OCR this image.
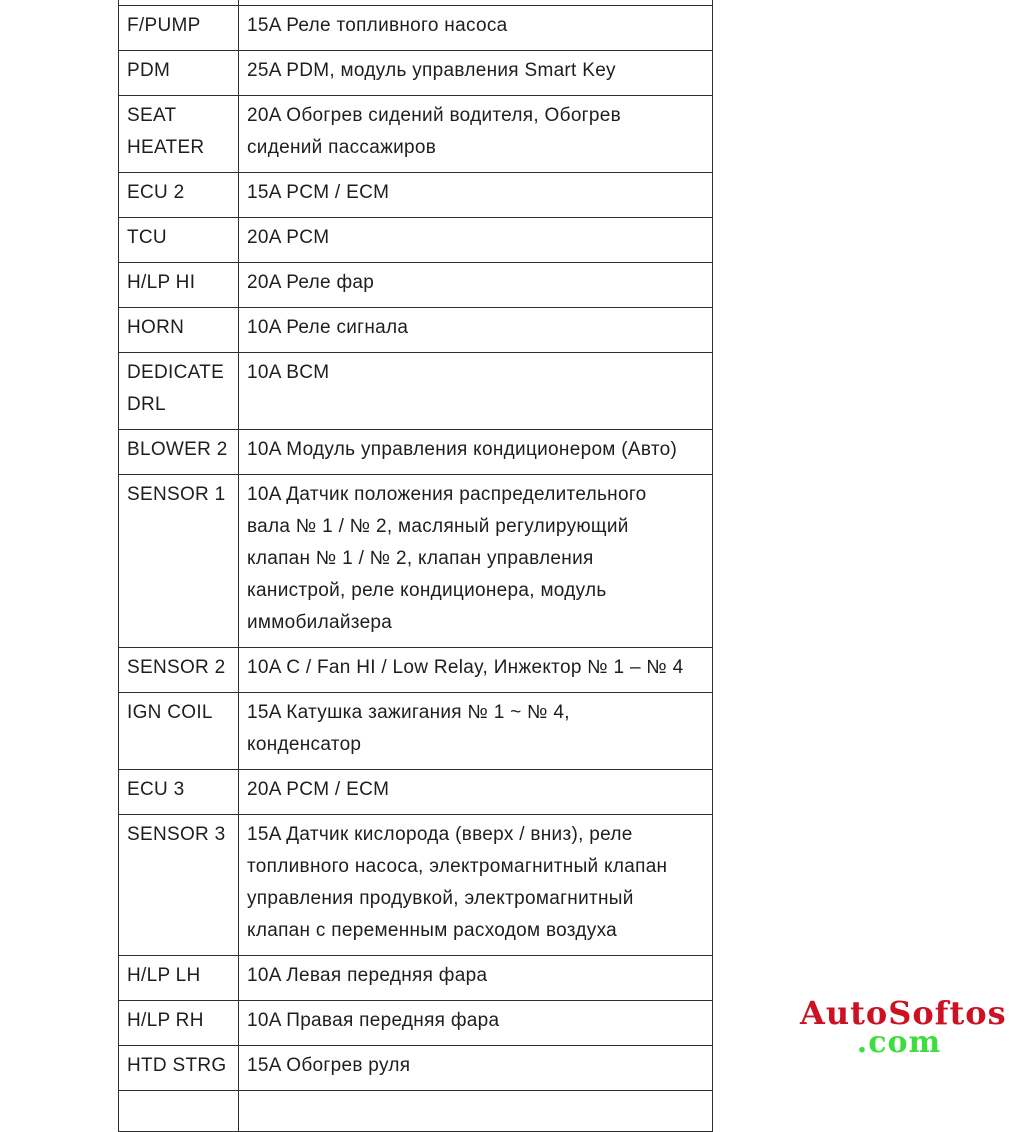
F/PUMP	15A Реле топливного насоса
PDM	25A PDM, модуль управления Smart Key
SEAT HEATER	20A Обогрев сидений водителя, Обогрев сидений пассажиров
ECU 2	15A PCM / ECM
TCU	20A PCM
H/LP HI	20A Реле фар
HORN	10A Реле сигнала
DEDICATE DRL	10A BCM
BLOWER 2	10A Модуль управления кондиционером (Авто)
SENSOR 1	10A Датчик положения распределительного вала № 1 / № 2, масляный регулирующий клапан № 1 / № 2, клапан управления канистрой, реле кондиционера, модуль иммобилайзера
SENSOR 2	10A C / Fan HI / Low Relay, Инжектор № 1 – № 4
IGN COIL	15A Катушка зажигания № 1 ~ № 4, конденсатор
ECU 3	20A PCM / ECM
SENSOR 3	15A Датчик кислорода (вверх / вниз), реле топливного насоса, электромагнитный клапан управления продувкой, электромагнитный клапан с переменным расходом воздуха
H/LP LH	10A Левая передняя фара
H/LP RH	10A Правая передняя фара
HTD STRG	15A Обогрев руля

AutoSoftos
.com
